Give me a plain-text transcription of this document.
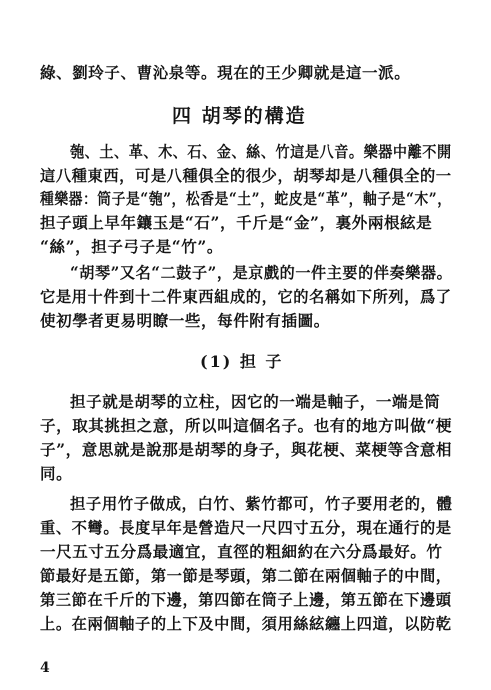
綠、劉玲子、曹沁泉等。現在的王少卿就是這一派。
四 胡琴的構造
匏、土、革、木、石、金、絲、竹這是八音。樂器中離不開
這八種東西，可是八種俱全的很少，胡琴却是八種俱全的一
種樂器：筒子是“匏”，松香是“土”，蛇皮是“革”，軸子是“木”，
担子頭上早年鑲玉是“石”，千斤是“金”，裏外兩根絃是
“絲”，担子弓子是“竹”。
“胡琴”又名“二鼓子”，是京戲的一件主要的伴奏樂器。
它是用十件到十二件東西組成的，它的名稱如下所列，爲了
使初學者更易明瞭一些，每件附有插圖。
(1) 担 子
担子就是胡琴的立柱，因它的一端是軸子，一端是筒
子，取其挑担之意，所以叫這個名子。也有的地方叫做“梗
子”，意思就是說那是胡琴的身子，與花梗、菜梗等含意相
同。
担子用竹子做成，白竹、紫竹都可，竹子要用老的，體
重、不彎。長度早年是營造尺一尺四寸五分，現在通行的是
一尺五寸五分爲最適宜，直徑的粗細約在六分爲最好。竹
節最好是五節，第一節是琴頭，第二節在兩個軸子的中間，
第三節在千斤的下邊，第四節在筒子上邊，第五節在下邊頭
上。在兩個軸子的上下及中間，須用絲絃纏上四道，以防乾
4
